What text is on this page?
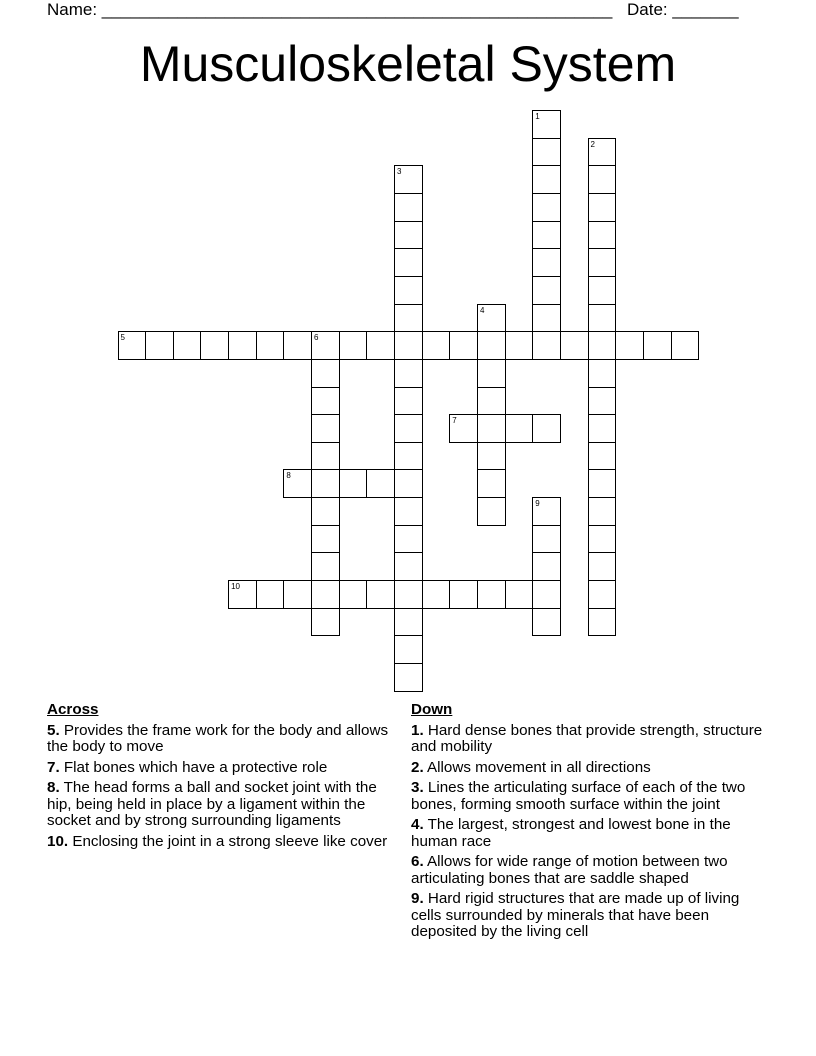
Name: ______________________________________________________ Date: _______
Musculoskeletal System
1
2
3
4
5	6
7
8
9
10
Across
5. Provides the frame work for the body and allows the body to move
7. Flat bones which have a protective role
8. The head forms a ball and socket joint with the hip, being held in place by a ligament within the socket and by strong surrounding ligaments
10. Enclosing the joint in a strong sleeve like cover
Down
1. Hard dense bones that provide strength, structure and mobility
2. Allows movement in all directions
3. Lines the articulating surface of each of the two bones, forming smooth surface within the joint
4. The largest, strongest and lowest bone in the human race
6. Allows for wide range of motion between two articulating bones that are saddle shaped
9. Hard rigid structures that are made up of living cells surrounded by minerals that have been deposited by the living cell
